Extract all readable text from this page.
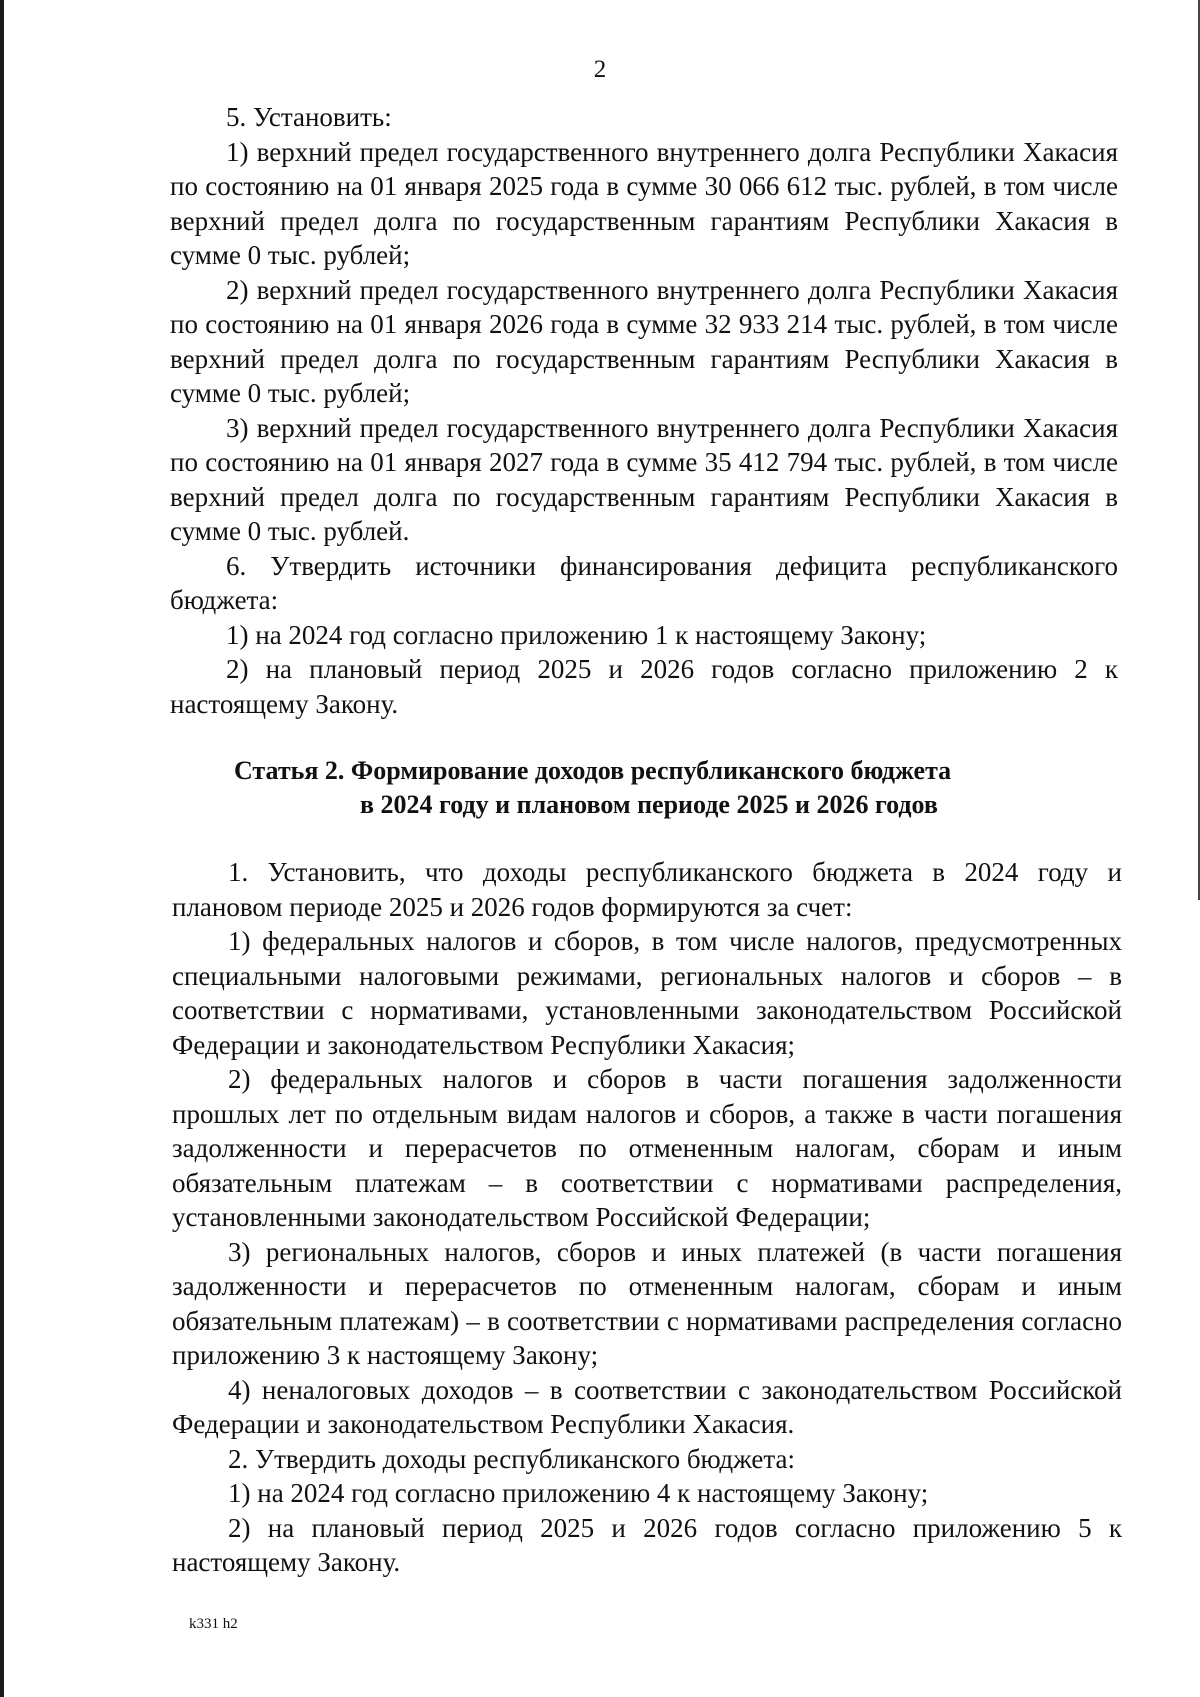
2

5. Установить:

1) верхний предел государственного внутреннего долга Республики Хакасия по состоянию на 01 января 2025 года в сумме 30 066 612 тыс. рублей, в том числе верхний предел долга по государственным гарантиям Республики Хакасия в сумме 0 тыс. рублей;

2) верхний предел государственного внутреннего долга Республики Хакасия по состоянию на 01 января 2026 года в сумме 32 933 214 тыс. рублей, в том числе верхний предел долга по государственным гарантиям Республики Хакасия в сумме 0 тыс. рублей;

3) верхний предел государственного внутреннего долга Республики Хакасия по состоянию на 01 января 2027 года в сумме 35 412 794 тыс. рублей, в том числе верхний предел долга по государственным гарантиям Республики Хакасия в сумме 0 тыс. рублей.

6. Утвердить источники финансирования дефицита республиканского бюджета:

1) на 2024 год согласно приложению 1 к настоящему Закону;

2) на плановый период 2025 и 2026 годов согласно приложению 2 к настоящему Закону.

Статья 2. Формирование доходов республиканского бюджета

в 2024 году и плановом периоде 2025 и 2026 годов

1. Установить, что доходы республиканского бюджета в 2024 году и плановом периоде 2025 и 2026 годов формируются за счет:

1) федеральных налогов и сборов, в том числе налогов, предусмотренных специальными налоговыми режимами, региональных налогов и сборов – в соответствии с нормативами, установленными законодательством Российской Федерации и законодательством Республики Хакасия;

2) федеральных налогов и сборов в части погашения задолженности прошлых лет по отдельным видам налогов и сборов, а также в части погашения задолженности и перерасчетов по отмененным налогам, сборам и иным обязательным платежам – в соответствии с нормативами распределения, установленными законодательством Российской Федерации;

3) региональных налогов, сборов и иных платежей (в части погашения задолженности и перерасчетов по отмененным налогам, сборам и иным обязательным платежам) – в соответствии с нормативами распределения согласно приложению 3 к настоящему Закону;

4) неналоговых доходов – в соответствии с законодательством Российской Федерации и законодательством Республики Хакасия.

2. Утвердить доходы республиканского бюджета:

1) на 2024 год согласно приложению 4 к настоящему Закону;

2) на плановый период 2025 и 2026 годов согласно приложению 5 к настоящему Закону.

k331 h2
